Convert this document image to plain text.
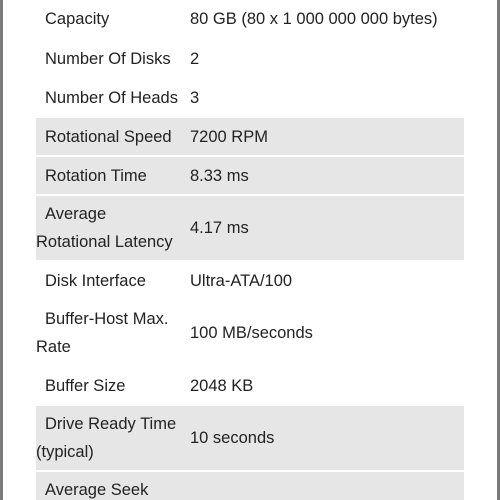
Capacity	80 GB (80 x 1 000 000 000 bytes)

Number Of Disks	2

Number Of Heads	3

Rotational Speed	7200 RPM

Rotation Time	8.33 ms

Average Rotational Latency	4.17 ms

Disk Interface	Ultra-ATA/100

Buffer-Host Max. Rate	100 MB/seconds

Buffer Size	2048 KB

Drive Ready Time (typical)	10 seconds

Average Seek	
